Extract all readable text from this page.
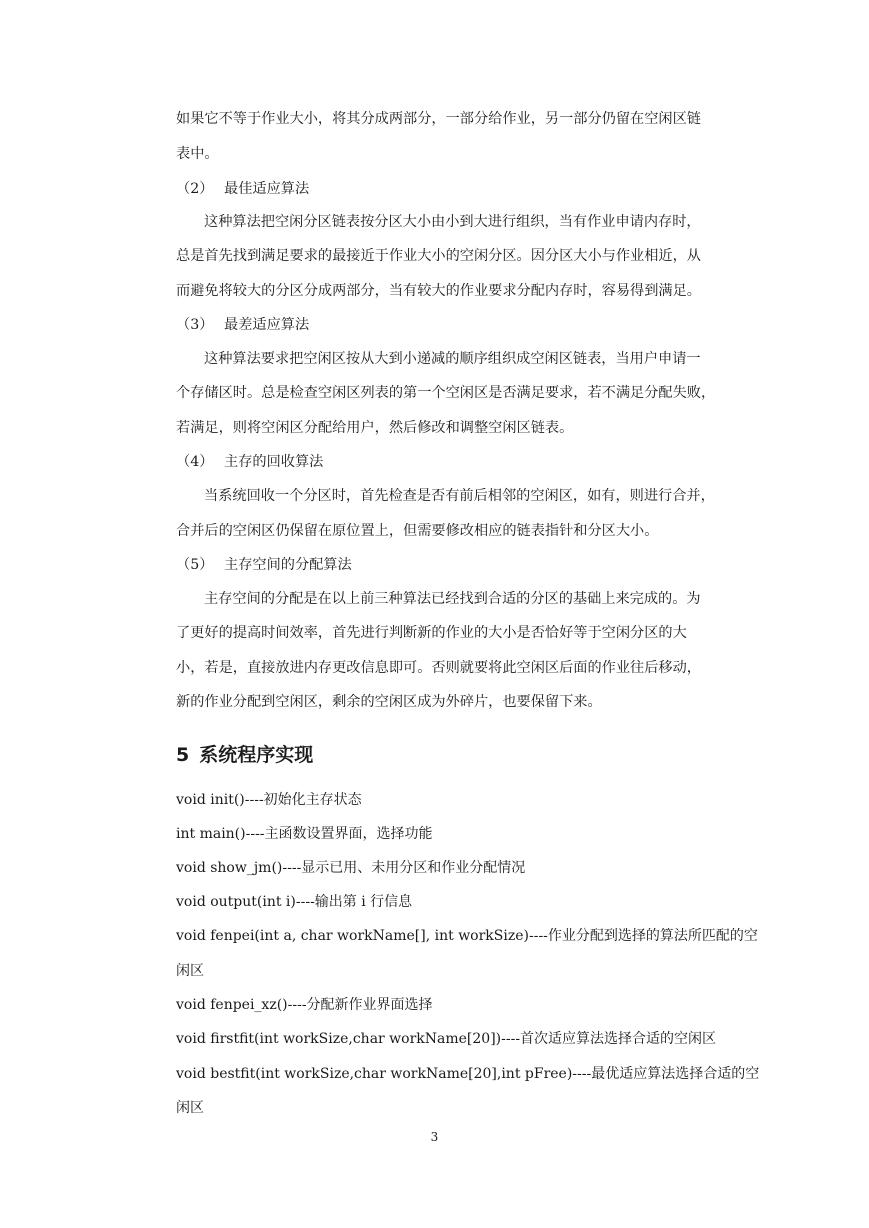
如果它不等于作业大小，将其分成两部分，一部分给作业，另一部分仍留在空闲区链
表中。
（2） 最佳适应算法
这种算法把空闲分区链表按分区大小由小到大进行组织，当有作业申请内存时，
总是首先找到满足要求的最接近于作业大小的空闲分区。因分区大小与作业相近，从
而避免将较大的分区分成两部分，当有较大的作业要求分配内存时，容易得到满足。
（3） 最差适应算法
这种算法要求把空闲区按从大到小递减的顺序组织成空闲区链表，当用户申请一
个存储区时。总是检查空闲区列表的第一个空闲区是否满足要求，若不满足分配失败，
若满足，则将空闲区分配给用户，然后修改和调整空闲区链表。
（4） 主存的回收算法
当系统回收一个分区时，首先检查是否有前后相邻的空闲区，如有，则进行合并，
合并后的空闲区仍保留在原位置上，但需要修改相应的链表指针和分区大小。
（5） 主存空间的分配算法
主存空间的分配是在以上前三种算法已经找到合适的分区的基础上来完成的。为
了更好的提高时间效率，首先进行判断新的作业的大小是否恰好等于空闲分区的大
小，若是，直接放进内存更改信息即可。否则就要将此空闲区后面的作业往后移动，
新的作业分配到空闲区，剩余的空闲区成为外碎片，也要保留下来。
5 系统程序实现
void init()----初始化主存状态
int main()----主函数设置界面，选择功能
void show_jm()----显示已用、未用分区和作业分配情况
void output(int i)----输出第 i 行信息
void fenpei(int a, char workName[], int workSize)----作业分配到选择的算法所匹配的空
闲区
void fenpei_xz()----分配新作业界面选择
void firstfit(int workSize,char workName[20])----首次适应算法选择合适的空闲区
void bestfit(int workSize,char workName[20],int pFree)----最优适应算法选择合适的空
闲区
3
